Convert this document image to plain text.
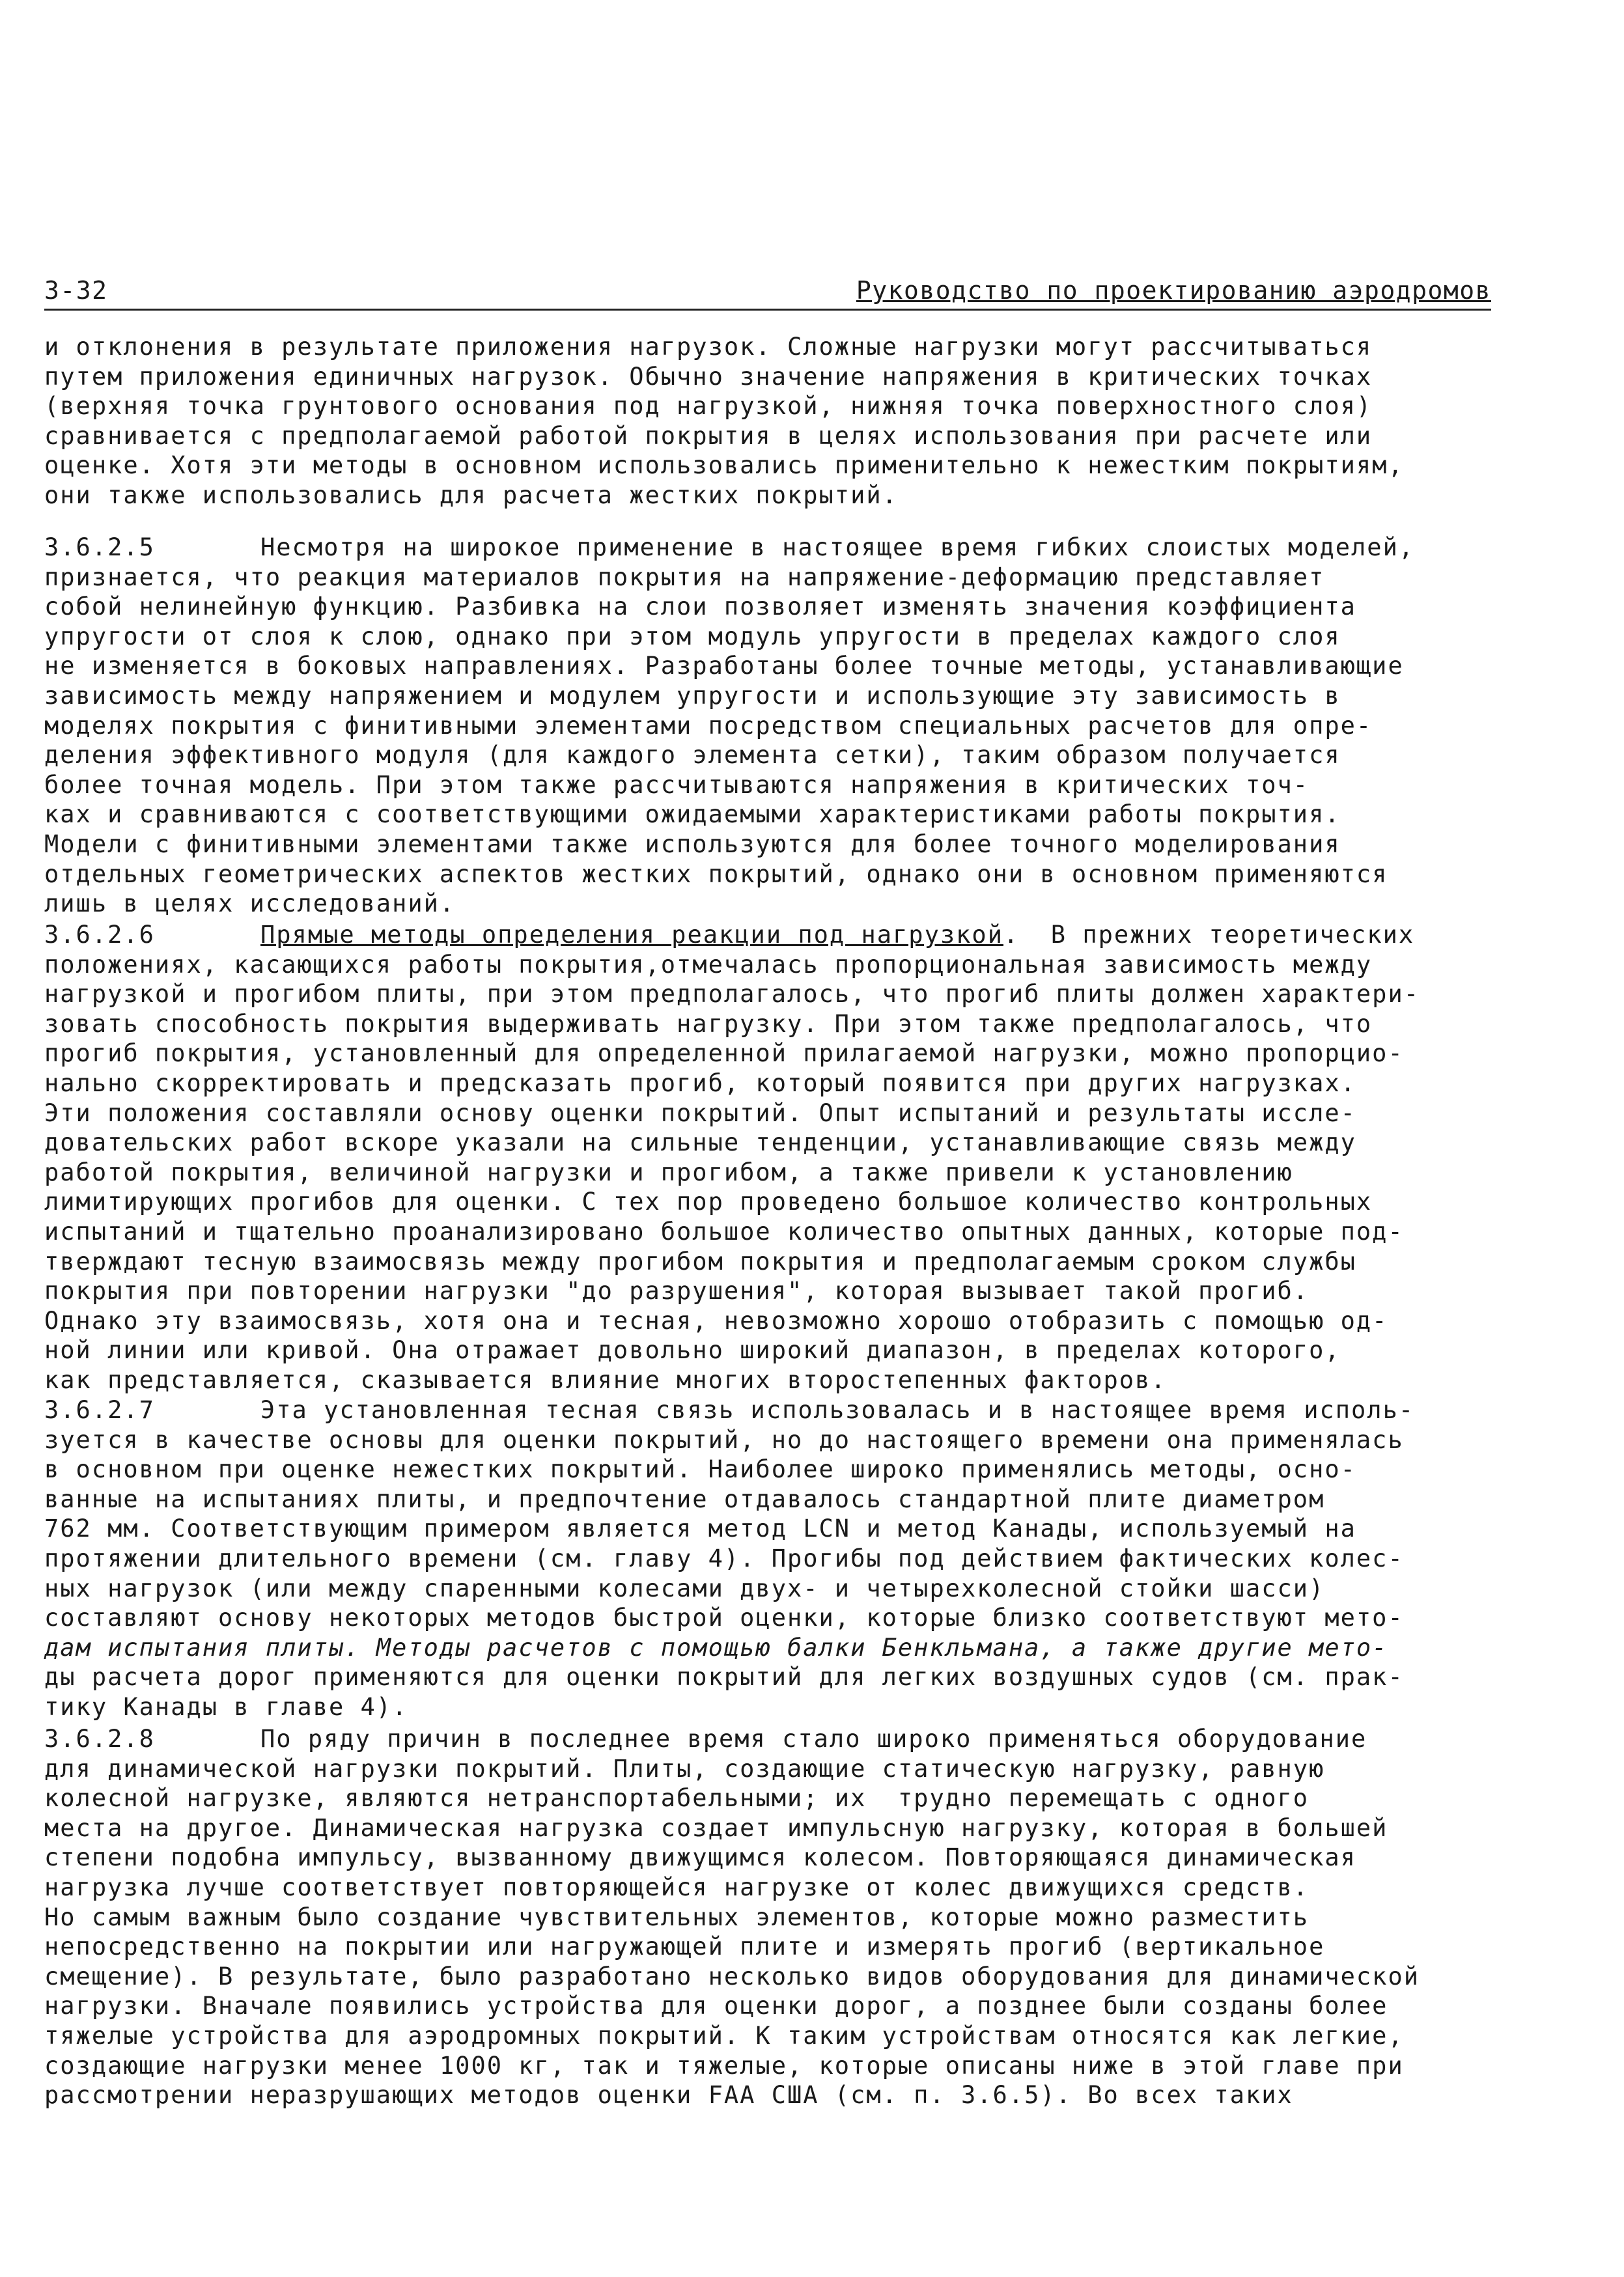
3-32	Руководство по проектированию аэродромов
и отклонения в результате приложения нагрузок. Сложные нагрузки могут рассчитываться
путем приложения единичных нагрузок. Обычно значение напряжения в критических точках
(верхняя точка грунтового основания под нагрузкой, нижняя точка поверхностного слоя)
сравнивается с предполагаемой работой покрытия в целях использования при расчете или
оценке. Хотя эти методы в основном использовались применительно к нежестким покрытиям,
они также использовались для расчета жестких покрытий.
3.6.2.5	Несмотря на широкое применение в настоящее время гибких слоистых моделей,
признается, что реакция материалов покрытия на напряжение-деформацию представляет
собой нелинейную функцию. Разбивка на слои позволяет изменять значения коэффициента
упругости от слоя к слою, однако при этом модуль упругости в пределах каждого слоя
не изменяется в боковых направлениях. Разработаны более точные методы, устанавливающие
зависимость между напряжением и модулем упругости и использующие эту зависимость в
моделях покрытия с финитивными элементами посредством специальных расчетов для опре-
деления эффективного модуля (для каждого элемента сетки), таким образом получается
более точная модель. При этом также рассчитываются напряжения в критических точ-
ках и сравниваются с соответствующими ожидаемыми характеристиками работы покрытия.
Модели с финитивными элементами также используются для более точного моделирования
отдельных геометрических аспектов жестких покрытий, однако они в основном применяются
лишь в целях исследований.
3.6.2.6	Прямые методы определения реакции под нагрузкой.  В прежних теоретических
положениях, касающихся работы покрытия,отмечалась пропорциональная зависимость между
нагрузкой и прогибом плиты, при этом предполагалось, что прогиб плиты должен характери-
зовать способность покрытия выдерживать нагрузку. При этом также предполагалось, что
прогиб покрытия, установленный для определенной прилагаемой нагрузки, можно пропорцио-
нально скорректировать и предсказать прогиб, который появится при других нагрузках.
Эти положения составляли основу оценки покрытий. Опыт испытаний и результаты иссле-
довательских работ вскоре указали на сильные тенденции, устанавливающие связь между
работой покрытия, величиной нагрузки и прогибом, а также привели к установлению
лимитирующих прогибов для оценки. С тех пор проведено большое количество контрольных
испытаний и тщательно проанализировано большое количество опытных данных, которые под-
тверждают тесную взаимосвязь между прогибом покрытия и предполагаемым сроком службы
покрытия при повторении нагрузки "до разрушения", которая вызывает такой прогиб.
Однако эту взаимосвязь, хотя она и тесная, невозможно хорошо отобразить с помощью од-
ной линии или кривой. Она отражает довольно широкий диапазон, в пределах которого,
как представляется, сказывается влияние многих второстепенных факторов.
3.6.2.7	Эта установленная тесная связь использовалась и в настоящее время исполь-
зуется в качестве основы для оценки покрытий, но до настоящего времени она применялась
в основном при оценке нежестких покрытий. Наиболее широко применялись методы, осно-
ванные на испытаниях плиты, и предпочтение отдавалось стандартной плите диаметром
762 мм. Соответствующим примером является метод LCN и метод Канады, используемый на
протяжении длительного времени (см. главу 4). Прогибы под действием фактических колес-
ных нагрузок (или между спаренными колесами двух- и четырехколесной стойки шасси)
составляют основу некоторых методов быстрой оценки, которые близко соответствуют мето-
дам испытания плиты. Методы расчетов с помощью балки Бенкльмана, а также другие мето-
ды расчета дорог применяются для оценки покрытий для легких воздушных судов (см. прак-
тику Канады в главе 4).
3.6.2.8	По ряду причин в последнее время стало широко применяться оборудование
для динамической нагрузки покрытий. Плиты, создающие статическую нагрузку, равную
колесной нагрузке, являются нетранспортабельными; их  трудно перемещать с одного
места на другое. Динамическая нагрузка создает импульсную нагрузку, которая в большей
степени подобна импульсу, вызванному движущимся колесом. Повторяющаяся динамическая
нагрузка лучше соответствует повторяющейся нагрузке от колес движущихся средств.
Но самым важным было создание чувствительных элементов, которые можно разместить
непосредственно на покрытии или нагружающей плите и измерять прогиб (вертикальное
смещение). В результате, было разработано несколько видов оборудования для динамической
нагрузки. Вначале появились устройства для оценки дорог, а позднее были созданы более
тяжелые устройства для аэродромных покрытий. К таким устройствам относятся как легкие,
создающие нагрузки менее 1000 кг, так и тяжелые, которые описаны ниже в этой главе при
рассмотрении неразрушающих методов оценки FAA США (см. п. 3.6.5). Во всех таких
